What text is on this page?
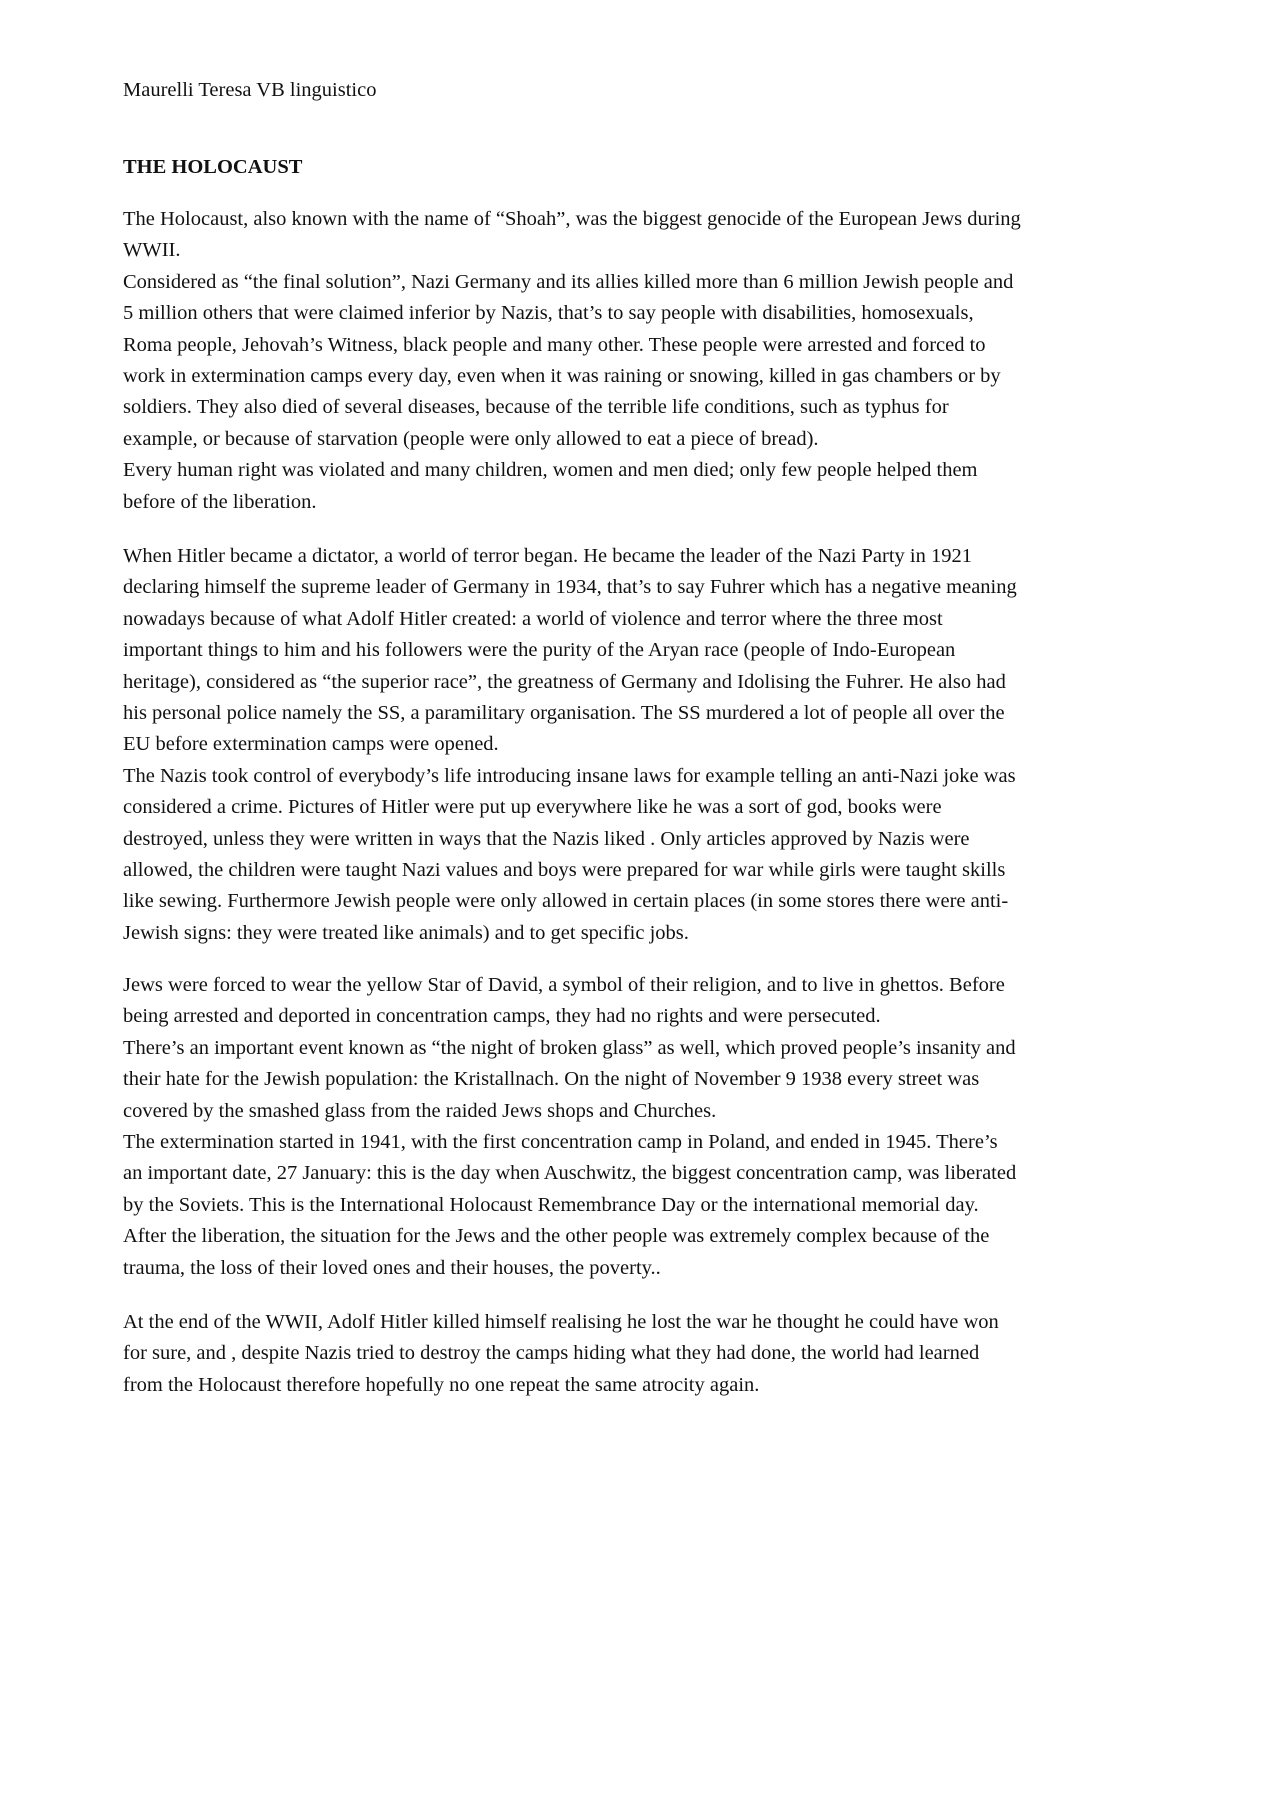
Maurelli Teresa VB linguistico
THE HOLOCAUST
The Holocaust, also known with the name of “Shoah”, was the biggest genocide of the European Jews during
WWII.
Considered as “the final solution”, Nazi Germany and its allies killed more than 6 million Jewish people and
5 million others that were claimed inferior by Nazis, that’s to say people with disabilities, homosexuals,
Roma people, Jehovah’s Witness, black people and many other. These people were arrested and forced to
work in extermination camps every day, even when it was raining or snowing, killed in gas chambers or by
soldiers. They also died of several diseases, because of the terrible life conditions, such as typhus for
example, or because of starvation (people were only allowed to eat a piece of bread).
Every human right was violated and many children, women and men died; only few people helped them
before of the liberation.
When Hitler became a dictator, a world of terror began. He became the leader of the Nazi Party in 1921
declaring himself the supreme leader of Germany in 1934, that’s to say Fuhrer which has a negative meaning
nowadays because of what Adolf Hitler created: a world of violence and terror where the three most
important things to him and his followers were the purity of the Aryan race (people of Indo-European
heritage), considered as “the superior race”, the greatness of Germany and Idolising the Fuhrer. He also had
his personal police namely the SS, a paramilitary organisation. The SS murdered a lot of people all over the
EU before extermination camps were opened.
The Nazis took control of everybody’s life introducing insane laws for example telling an anti-Nazi joke was
considered a crime. Pictures of Hitler were put up everywhere like he was a sort of god, books were
destroyed, unless they were written in ways that the Nazis liked . Only articles approved by Nazis were
allowed, the children were taught Nazi values and boys were prepared for war while girls were taught skills
like sewing. Furthermore Jewish people were only allowed in certain places (in some stores there were anti-
Jewish signs: they were treated like animals) and to get specific jobs.
Jews were forced to wear the yellow Star of David, a symbol of their religion, and to live in ghettos. Before
being arrested and deported in concentration camps, they had no rights and were persecuted.
There’s an important event known as “the night of broken glass” as well, which proved people’s insanity and
their hate for the Jewish population: the Kristallnach. On the night of November 9 1938 every street was
covered by the smashed glass from the raided Jews shops and Churches.
The extermination started in 1941, with the first concentration camp in Poland, and ended in 1945. There’s
an important date, 27 January: this is the day when Auschwitz, the biggest concentration camp, was liberated
by the Soviets. This is the International Holocaust Remembrance Day or the international memorial day.
After the liberation, the situation for the Jews and the other people was extremely complex because of the
trauma, the loss of their loved ones and their houses, the poverty..
At the end of the WWII, Adolf Hitler killed himself realising he lost the war he thought he could have won
for sure, and , despite Nazis tried to destroy the camps hiding what they had done, the world had learned
from the Holocaust therefore hopefully no one repeat the same atrocity again.
